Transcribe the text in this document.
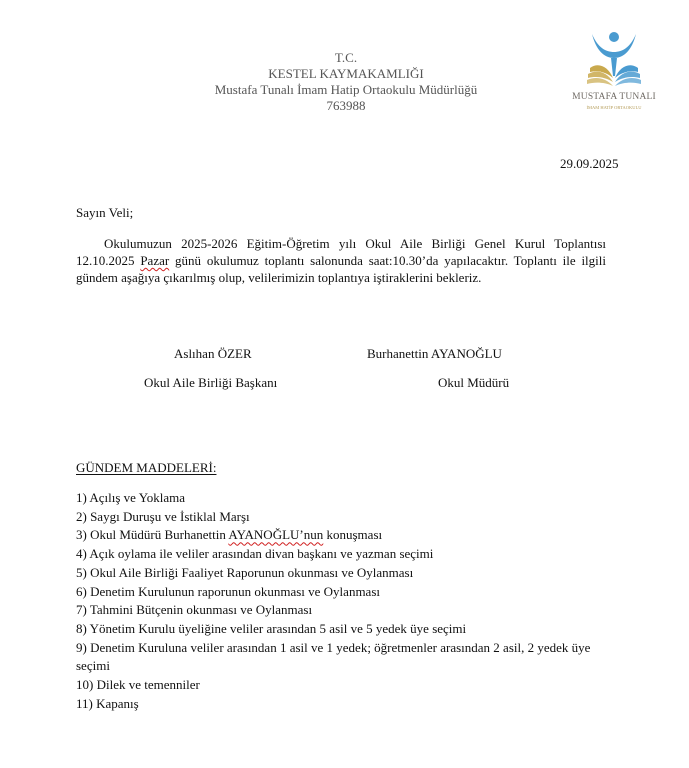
T.C.
KESTEL KAYMAKAMLIĞI
Mustafa Tunalı İmam Hatip Ortaokulu Müdürlüğü
763988
MUSTAFA TUNALI
İMAM HATİP ORTAOKULU
29.09.2025
Sayın Veli;
Okulumuzun 2025-2026 Eğitim-Öğretim yılı Okul Aile Birliği Genel Kurul Toplantısı 12.10.2025 Pazar günü okulumuz toplantı salonunda saat:10.30’da yapılacaktır. Toplantı ile ilgili gündem aşağıya çıkarılmış olup, velilerimizin toplantıya iştiraklerini bekleriz.
Aslıhan ÖZER
Okul Aile Birliği Başkanı
Burhanettin AYANOĞLU
Okul Müdürü
GÜNDEM MADDELERİ:
1) Açılış ve Yoklama
2) Saygı Duruşu ve İstiklal Marşı
3) Okul Müdürü Burhanettin AYANOĞLU’nun konuşması
4) Açık oylama ile veliler arasından divan başkanı ve yazman seçimi
5) Okul Aile Birliği Faaliyet Raporunun okunması ve Oylanması
6) Denetim Kurulunun raporunun okunması ve Oylanması
7) Tahmini Bütçenin okunması ve Oylanması
8) Yönetim Kurulu üyeliğine veliler arasından 5 asil ve 5 yedek üye seçimi
9) Denetim Kuruluna veliler arasından 1 asil ve 1 yedek; öğretmenler arasından 2 asil, 2 yedek üye seçimi
10) Dilek ve temenniler
11) Kapanış
